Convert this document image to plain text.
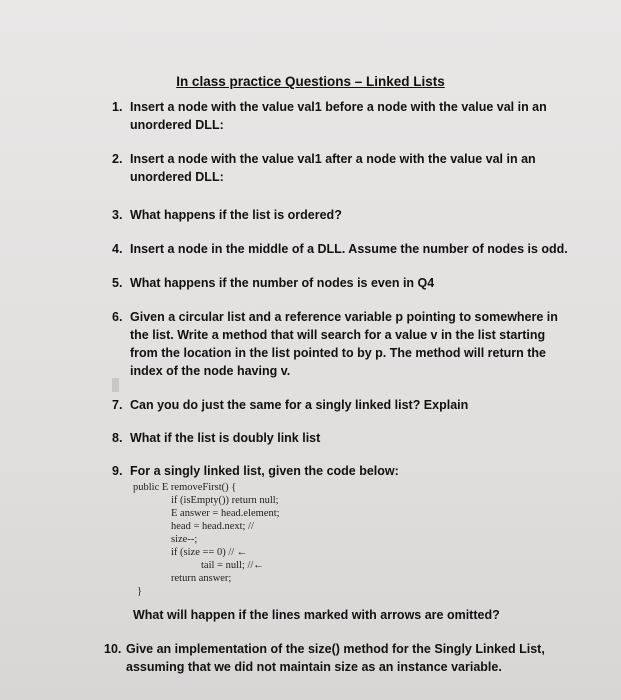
In class practice Questions – Linked Lists
1. Insert a node with the value val1 before a node with the value val in an unordered DLL:
2. Insert a node with the value val1 after a node with the value val in an unordered DLL:
3. What happens if the list is ordered?
4. Insert a node in the middle of a DLL. Assume the number of nodes is odd.
5. What happens if the number of nodes is even in Q4
6. Given a circular list and a reference variable p pointing to somewhere in the list. Write a method that will search for a value v in the list starting from the location in the list pointed to by p. The method will return the index of the node having v.
7. Can you do just the same for a singly linked list? Explain
8. What if the list is doubly link list
9. For a singly linked list, given the code below:
public E removeFirst() {
if (isEmpty()) return null;
E answer = head.element;
head = head.next; //
size--;
if (size == 0) // ←
tail = null; //←
return answer;
}
What will happen if the lines marked with arrows are omitted?
10. Give an implementation of the size() method for the Singly Linked List, assuming that we did not maintain size as an instance variable.
